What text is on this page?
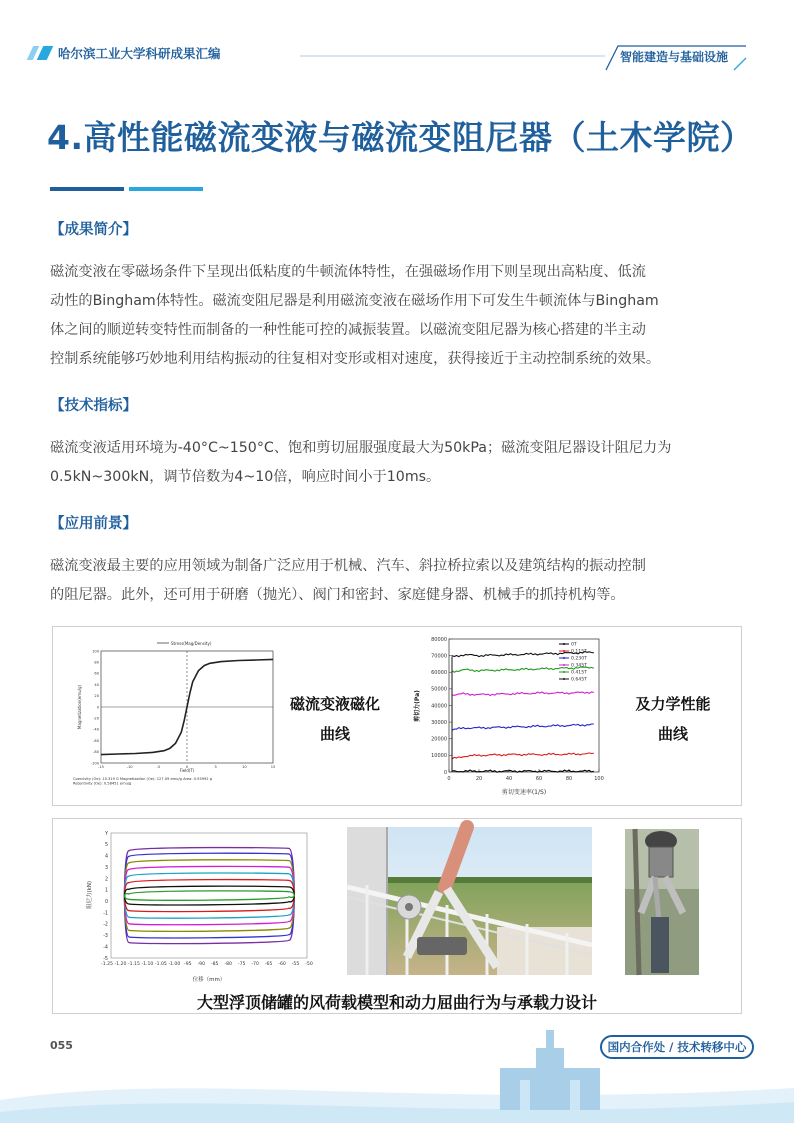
哈尔滨工业大学科研成果汇编	智能建造与基础设施
4.高性能磁流变液与磁流变阻尼器（土木学院）
【成果简介】
磁流变液在零磁场条件下呈现出低粘度的牛顿流体特性，在强磁场作用下则呈现出高粘度、低流
动性的Bingham体特性。磁流变阻尼器是利用磁流变液在磁场作用下可发生牛顿流体与Bingham
体之间的顺逆转变特性而制备的一种性能可控的减振装置。以磁流变阻尼器为核心搭建的半主动
控制系统能够巧妙地利用结构振动的往复相对变形或相对速度，获得接近于主动控制系统的效果。
【技术指标】
磁流变液适用环境为-40°C~150°C、饱和剪切屈服强度最大为50kPa；磁流变阻尼器设计阻尼力为
0.5kN~300kN，调节倍数为4~10倍，响应时间小于10ms。
【应用前景】
磁流变液最主要的应用领域为制备广泛应用于机械、汽车、斜拉桥拉索以及建筑结构的振动控制
的阻尼器。此外，还可用于研磨（抛光）、阀门和密封、家庭健身器、机械手的抓持机构等。
100
80
60
40
20
0
-20
-40
-60
-80
-100
-15	-10	-5	0	5	10	15
Stress(Mag/Density)
Field(T)
Magnetization(emu/g)
Coercivity (Oe): 15.319 G Magnetization (Oe): 127.09 emu/g Area: 0.93992 g
Retentivity (Oe): 0.58451 emu/g
磁流变液磁化
曲线
80000
70000
60000
50000
40000
30000
20000
10000
0
0	20	40	60	80	100
0T
0.115T
0.230T
0.345T
0.415T
0.645T
剪切变速率(1/S)
剪切力(Pa)	及力学性能
曲线
Y
5
4
3
2
1
0
-1
-2
-3
-4
-5
-1.25 -1.20 -1.15 -1.10 -1.05 -1.00 -95 -90 -85 -80 -75 -70 -65 -60 -55 -50
位移（mm）
阻尼力(kN)
大型浮顶储罐的风荷载模型和动力屈曲行为与承载力设计
055	国内合作处 / 技术转移中心
